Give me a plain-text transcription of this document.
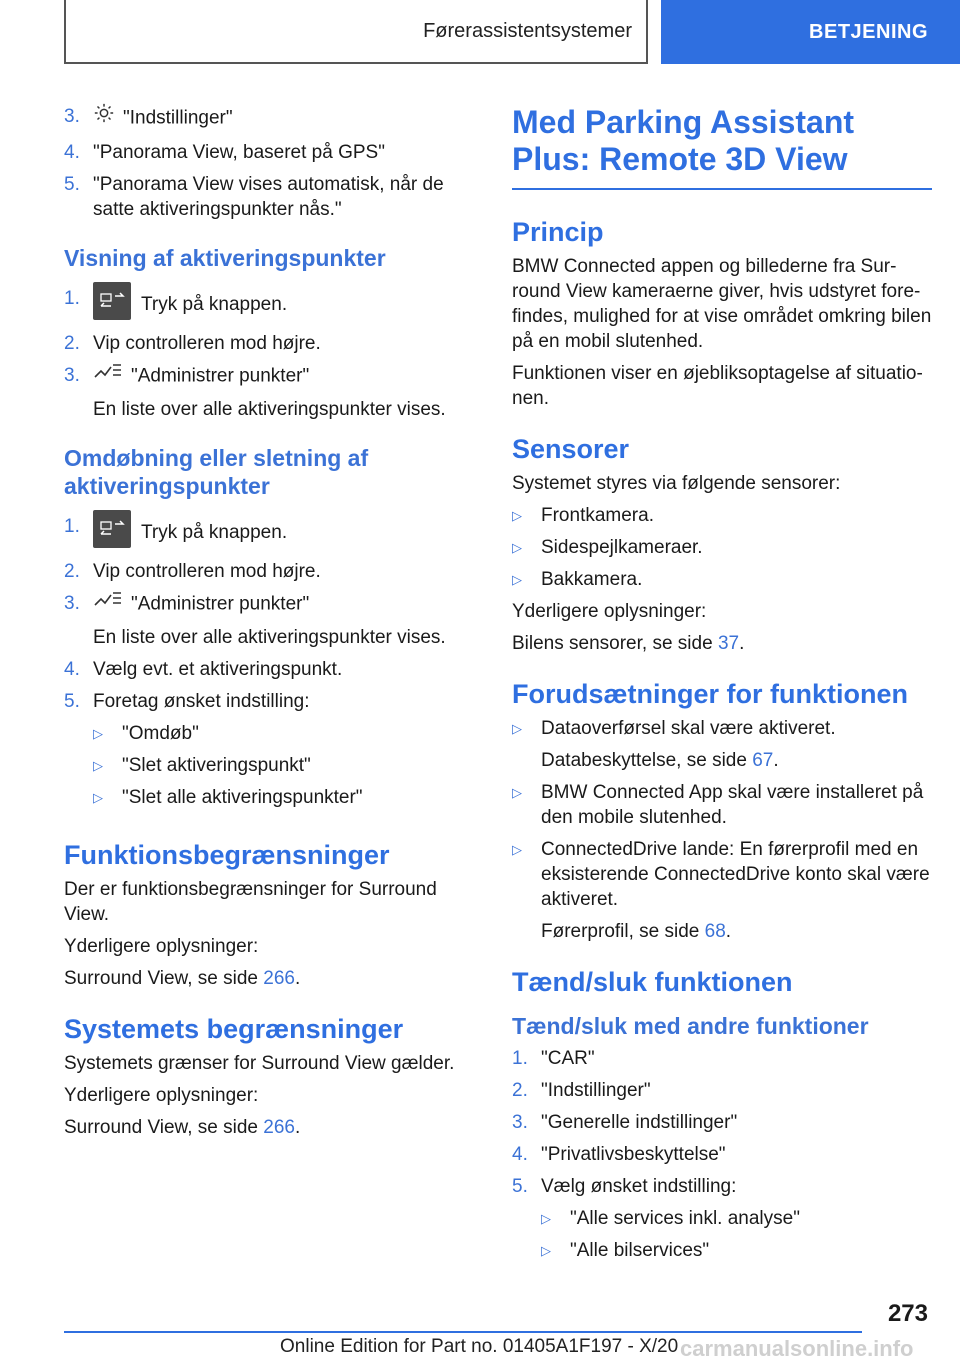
Førerassistentsystemer	BETJENING
3.	"Indstillinger"
4. "Panorama View, baseret på GPS"
5. "Panorama View vises automatisk, når de satte aktiveringspunkter nås."
Visning af aktiveringspunkter
1.	Tryk på knappen.
2. Vip controlleren mod højre.
3.	"Administrer punkter"
En liste over alle aktiveringspunkter vises.
Omdøbning eller sletning af aktiveringspunkter
1.	Tryk på knappen.
2. Vip controlleren mod højre.
3.	"Administrer punkter"
En liste over alle aktiveringspunkter vises.
4. Vælg evt. et aktiveringspunkt.
5. Foretag ønsket indstilling:
▷	"Omdøb"
▷	"Slet aktiveringspunkt"
▷	"Slet alle aktiveringspunkter"
Funktionsbegrænsninger

Der er funktionsbegrænsninger for Surround View.

Yderligere oplysninger:

Surround View, se side 266.

Systemets begrænsninger

Systemets grænser for Surround View gælder.

Yderligere oplysninger:

Surround View, se side 266.

Med Parking Assistant Plus: Remote 3D View
Princip

BMW Connected appen og billederne fra Surround View kameraerne giver, hvis udstyret forefindes, mulighed for at vise området omkring bilen på en mobil slutenhed.

Funktionen viser en øjebliksoptagelse af situationen.

Sensorer

Systemet styres via følgende sensorer:

▷	Frontkamera.
▷	Sidespejlkameraer.
▷	Bakkamera.

Yderligere oplysninger:

Bilens sensorer, se side 37.

Forudsætninger for funktionen
▷	Dataoverførsel skal være aktiveret.
Databeskyttelse, se side 67.
▷	BMW Connected App skal være installeret på den mobile slutenhed.
▷	ConnectedDrive lande: En førerprofil med en eksisterende ConnectedDrive konto skal være aktiveret.
Førerprofil, se side 68.
Tænd/sluk funktionen
Tænd/sluk med andre funktioner
1. "CAR"
2. "Indstillinger"
3. "Generelle indstillinger"
4. "Privatlivsbeskyttelse"
5. Vælg ønsket indstilling:
▷	"Alle services inkl. analyse"
▷	"Alle bilservices"
273
Online Edition for Part no. 01405A1F197 - X/20 carmanualsonline.info
